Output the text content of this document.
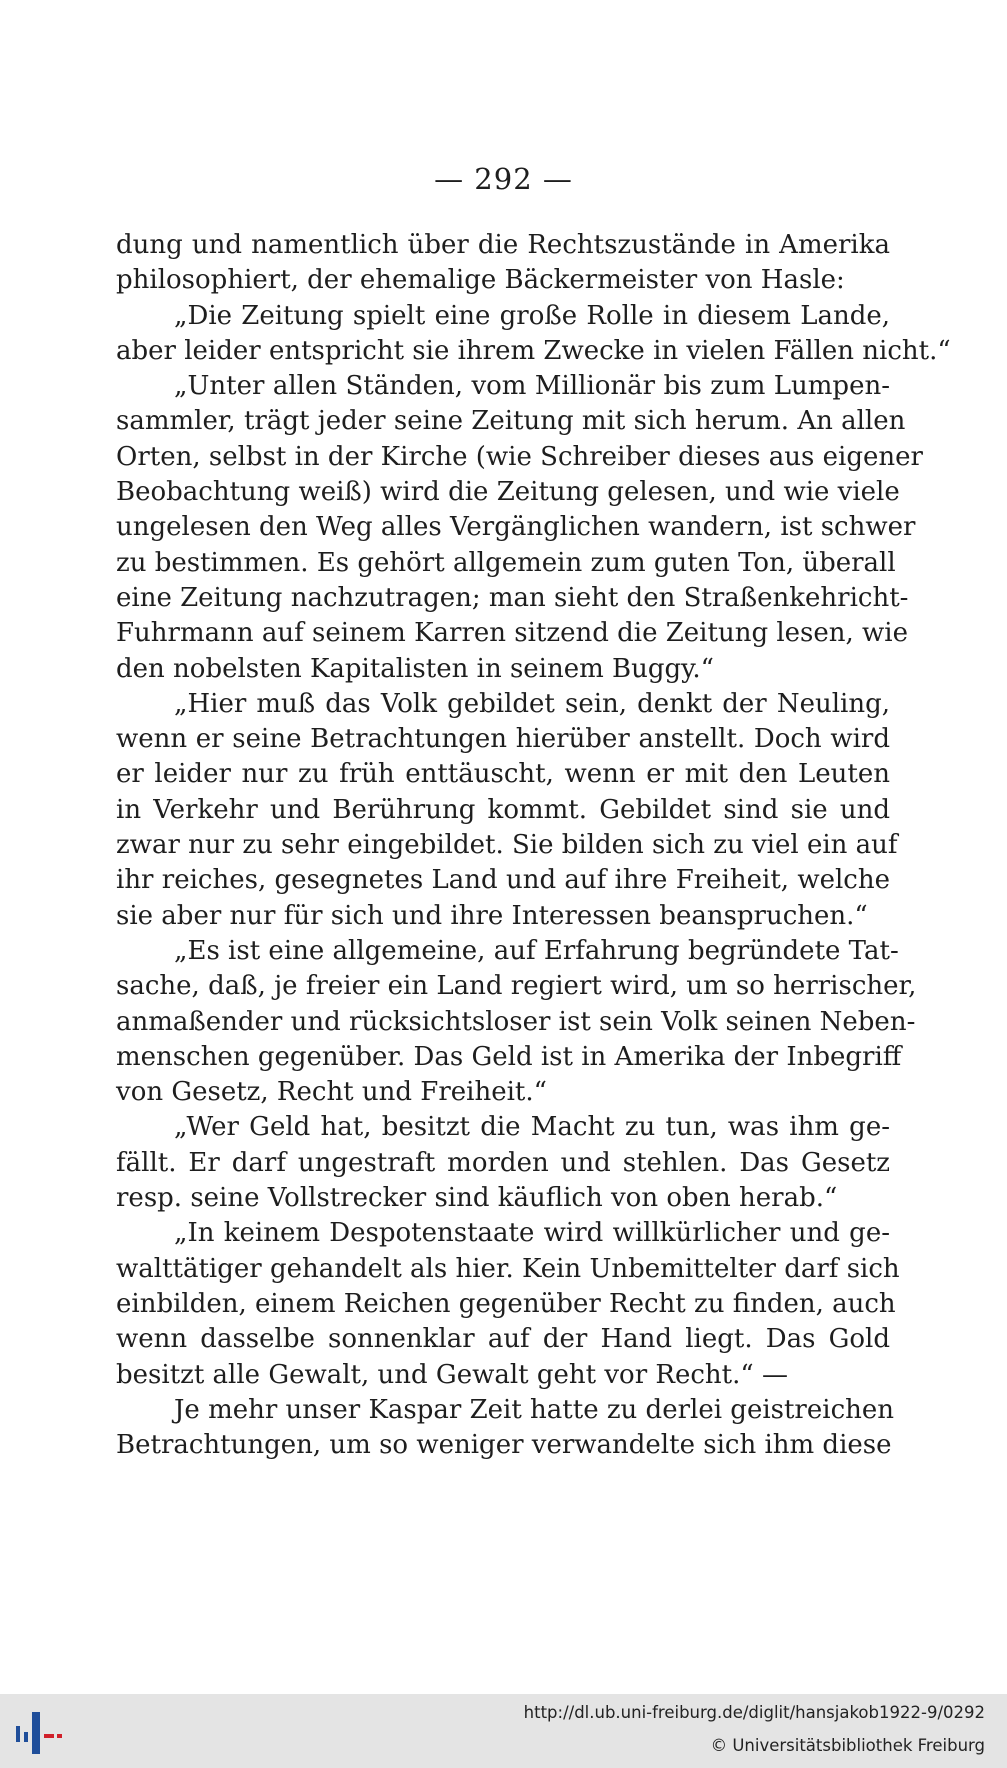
— 292 —
dung und namentlich über die Rechtszustände in Amerika
philosophiert, der ehemalige Bäckermeister von Hasle:
„Die Zeitung spielt eine große Rolle in diesem Lande,
aber leider entspricht sie ihrem Zwecke in vielen Fällen nicht.“
„Unter allen Ständen, vom Millionär bis zum Lumpen-
sammler, trägt jeder seine Zeitung mit sich herum. An allen
Orten, selbst in der Kirche (wie Schreiber dieses aus eigener
Beobachtung weiß) wird die Zeitung gelesen, und wie viele
ungelesen den Weg alles Vergänglichen wandern, ist schwer
zu bestimmen. Es gehört allgemein zum guten Ton, überall
eine Zeitung nachzutragen; man sieht den Straßenkehricht-
Fuhrmann auf seinem Karren sitzend die Zeitung lesen, wie
den nobelsten Kapitalisten in seinem Buggy.“
„Hier muß das Volk gebildet sein, denkt der Neuling,
wenn er seine Betrachtungen hierüber anstellt. Doch wird
er leider nur zu früh enttäuscht, wenn er mit den Leuten
in Verkehr und Berührung kommt. Gebildet sind sie und
zwar nur zu sehr eingebildet. Sie bilden sich zu viel ein auf
ihr reiches, gesegnetes Land und auf ihre Freiheit, welche
sie aber nur für sich und ihre Interessen beanspruchen.“
„Es ist eine allgemeine, auf Erfahrung begründete Tat-
sache, daß, je freier ein Land regiert wird, um so herrischer,
anmaßender und rücksichtsloser ist sein Volk seinen Neben-
menschen gegenüber. Das Geld ist in Amerika der Inbegriff
von Gesetz, Recht und Freiheit.“
„Wer Geld hat, besitzt die Macht zu tun, was ihm ge-
fällt. Er darf ungestraft morden und stehlen. Das Gesetz
resp. seine Vollstrecker sind käuflich von oben herab.“
„In keinem Despotenstaate wird willkürlicher und ge-
walttätiger gehandelt als hier. Kein Unbemittelter darf sich
einbilden, einem Reichen gegenüber Recht zu finden, auch
wenn dasselbe sonnenklar auf der Hand liegt. Das Gold
besitzt alle Gewalt, und Gewalt geht vor Recht.“ —
Je mehr unser Kaspar Zeit hatte zu derlei geistreichen
Betrachtungen, um so weniger verwandelte sich ihm diese
http://dl.ub.uni-freiburg.de/diglit/hansjakob1922-9/0292
© Universitätsbibliothek Freiburg
